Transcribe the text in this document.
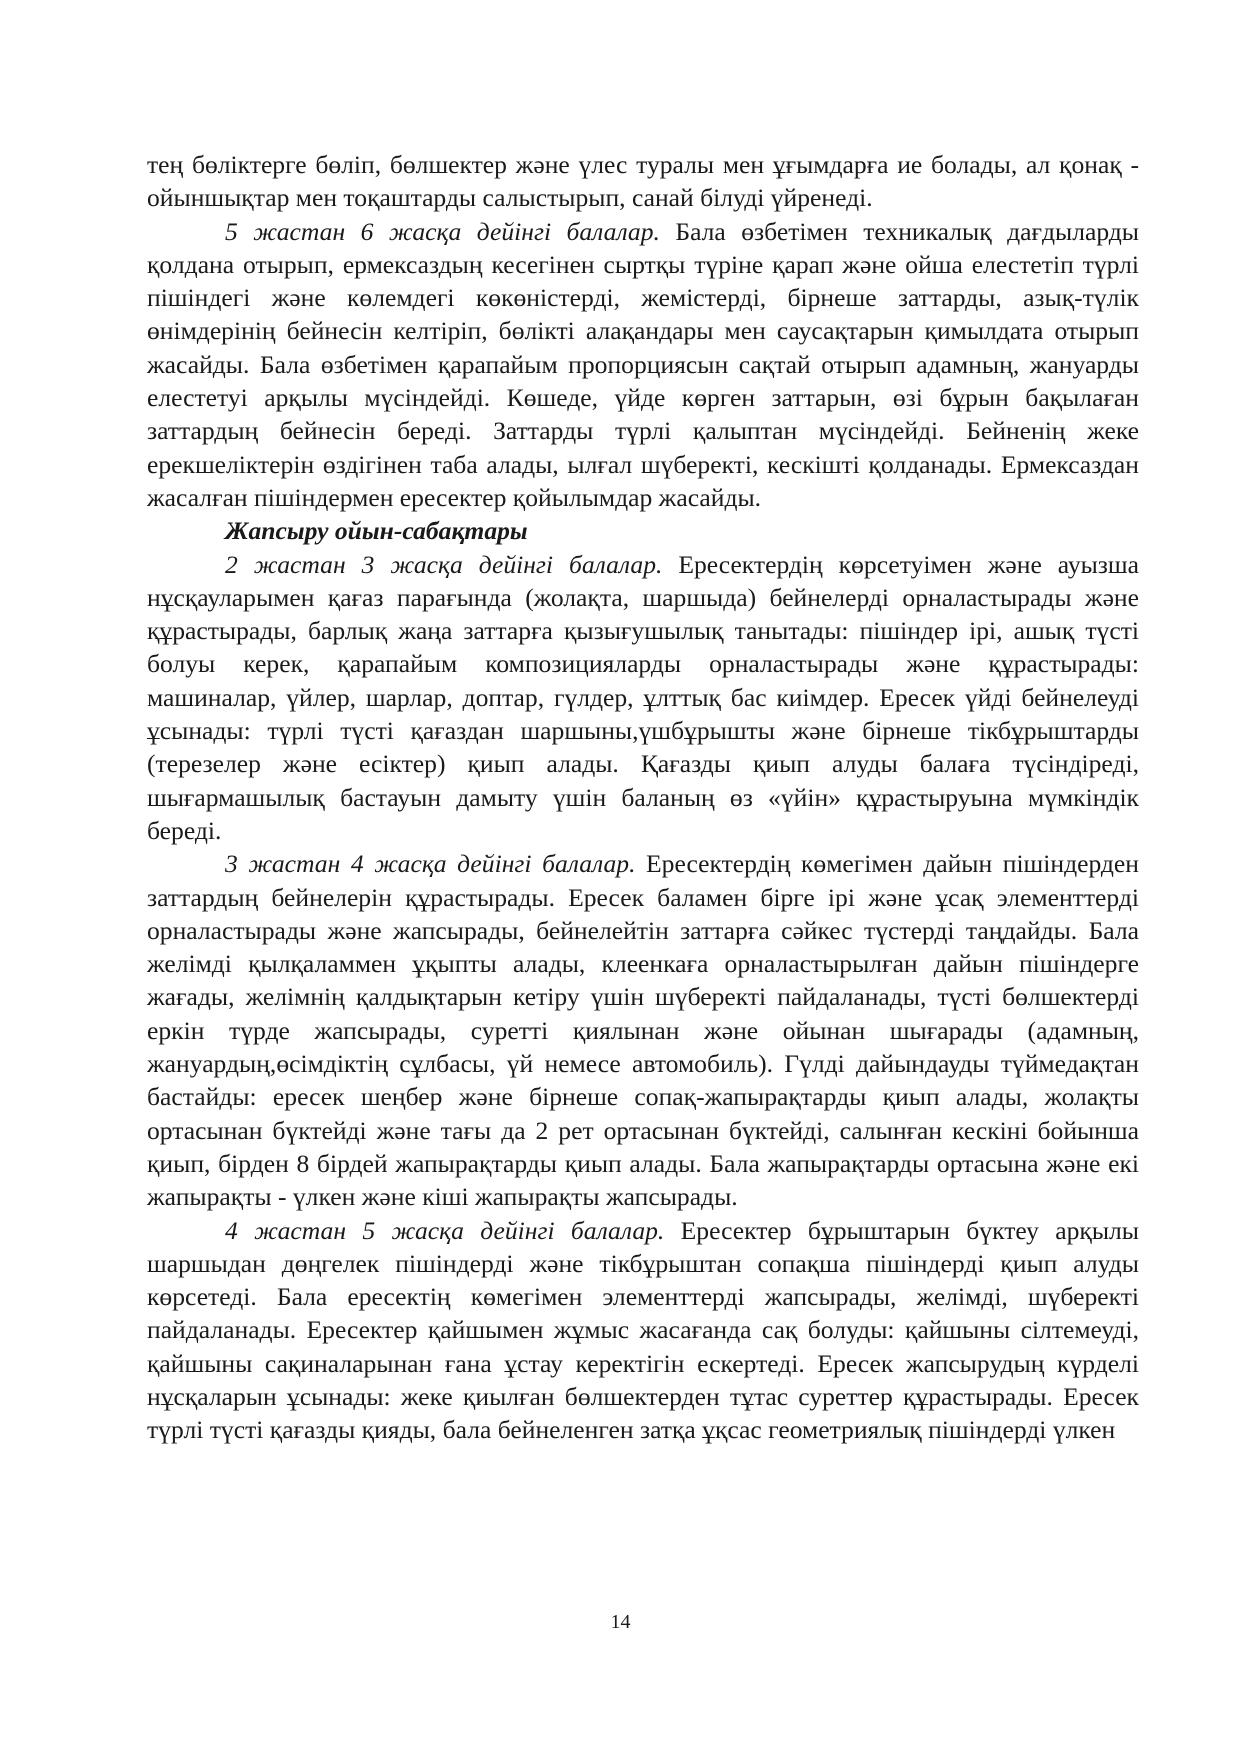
тең бөліктерге бөліп, бөлшектер және үлес туралы мен ұғымдарға ие болады, ал қонақ - ойыншықтар мен тоқаштарды салыстырып, санай білуді үйренеді.

5 жастан 6 жасқа дейінгі балалар. Бала өзбетімен техникалық дағдыларды қолдана отырып, ермексаздың кесегінен сыртқы түріне қарап және ойша елестетіп түрлі пішіндегі және көлемдегі көкөністерді, жемістерді, бірнеше заттарды, азық-түлік өнімдерінің бейнесін келтіріп, бөлікті алақандары мен саусақтарын қимылдата отырып жасайды. Бала өзбетімен қарапайым пропорциясын сақтай отырып адамның, жануарды елестетуі арқылы мүсіндейді. Көшеде, үйде көрген заттарын, өзі бұрын бақылаған заттардың бейнесін береді. Заттарды түрлі қалыптан мүсіндейді. Бейненің жеке ерекшеліктерін өздігінен таба алады, ылғал шүберекті, кескішті қолданады. Ермексаздан жасалған пішіндермен ересектер қойылымдар жасайды.

Жапсыру ойын-сабақтары

2 жастан 3 жасқа дейінгі балалар. Ересектердің көрсетуімен және ауызша нұсқауларымен қағаз парағында (жолақта, шаршыда) бейнелерді орналастырады және құрастырады, барлық жаңа заттарға қызығушылық танытады: пішіндер ірі, ашық түсті болуы керек, қарапайым композицияларды орналастырады және құрастырады: машиналар, үйлер, шарлар, доптар, гүлдер, ұлттық бас киімдер. Ересек үйді бейнелеуді ұсынады: түрлі түсті қағаздан шаршыны,үшбұрышты және бірнеше тікбұрыштарды (терезелер және есіктер) қиып алады. Қағазды қиып алуды балаға түсіндіреді, шығармашылық бастауын дамыту үшін баланың өз «үйін» құрастыруына мүмкіндік береді.

3 жастан 4 жасқа дейінгі балалар. Ересектердің көмегімен дайын пішіндерден заттардың бейнелерін құрастырады. Ересек баламен бірге ірі және ұсақ элементтерді орналастырады және жапсырады, бейнелейтін заттарға сәйкес түстерді таңдайды. Бала желімді қылқаламмен ұқыпты алады, клеенкаға орналастырылған дайын пішіндерге жағады, желімнің қалдықтарын кетіру үшін шүберекті пайдаланады, түсті бөлшектерді еркін түрде жапсырады, суретті қиялынан және ойынан шығарады (адамның, жануардың,өсімдіктің сұлбасы, үй немесе автомобиль). Гүлді дайындауды түймедақтан бастайды: ересек шеңбер және бірнеше сопақ-жапырақтарды қиып алады, жолақты ортасынан бүктейді және тағы да 2 рет ортасынан бүктейді, салынған кескіні бойынша қиып, бірден 8 бірдей жапырақтарды қиып алады. Бала жапырақтарды ортасына және екі жапырақты - үлкен және кіші жапырақты жапсырады.

4 жастан 5 жасқа дейінгі балалар. Ересектер бұрыштарын бүктеу арқылы шаршыдан дөңгелек пішіндерді және тікбұрыштан сопақша пішіндерді қиып алуды көрсетеді. Бала ересектің көмегімен элементтерді жапсырады, желімді, шүберекті пайдаланады. Ересектер қайшымен жұмыс жасағанда сақ болуды: қайшыны сілтемеуді, қайшыны сақиналарынан ғана ұстау керектігін ескертеді. Ересек жапсырудың күрделі нұсқаларын ұсынады: жеке қиылған бөлшектерден тұтас суреттер құрастырады. Ересек түрлі түсті қағазды қияды, бала бейнеленген затқа ұқсас геометриялық пішіндерді үлкен

14
